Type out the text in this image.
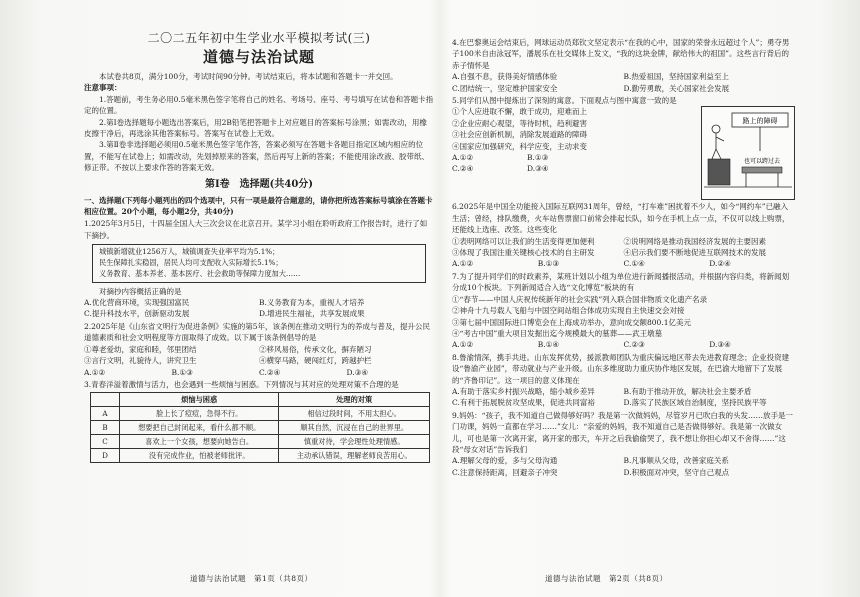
二〇二五年初中生学业水平模拟考试(三)
道德与法治试题

本试卷共8页，满分100分，考试时间90分钟。考试结束后，将本试题和答题卡一并交回。

注意事项：

1.答题前，考生务必用0.5毫米黑色签字笔将自己的姓名、考场号、座号、考号填写在试卷和答题卡指定的位置。

2.第Ⅰ卷选择题每小题选出答案后，用2B铅笔把答题卡上对应题目的答案标号涂黑；如需改动，用橡皮擦干净后，再选涂其他答案标号。答案写在试卷上无效。

3.第Ⅱ卷非选择题必须用0.5毫米黑色签字笔作答，答案必须写在答题卡各题目指定区域内相应的位置，不能写在试卷上；如需改动，先划掉原来的答案，然后再写上新的答案；不能使用涂改液、胶带纸、修正带。不按以上要求作答的答案无效。

第Ⅰ卷　选择题(共40分)

一、选择题(下列每小题列出的四个选项中，只有一项是最符合题意的，请你把所选答案标号填涂在答题卡相应位置。20个小题，每小题2分，共40分)

1.2025年3月5日，十四届全国人大三次会议在北京召开。某学习小组在聆听政府工作报告时，进行了如下摘抄。

城镇新增就业1256万人，城镇调查失业率平均为5.1%；
民生保障扎实稳固，居民人均可支配收入实际增长5.1%；
义务教育、基本养老、基本医疗、社会救助等保障力度加大……

对摘抄内容概括正确的是

A.优化营商环境，实现强国富民	B.义务教育为本，重视人才培养
C.提升科技水平，创新驱动发展	D.增进民生福祉，共享发展成果

2.2025年是《山东省文明行为促进条例》实施的第5年，该条例在推动文明行为的养成与普及，提升公民道德素质和社会文明程度等方面取得了成效。以下属于该条例倡导的是

①尊老爱幼，家庭和睦，邻里团结	②移风易俗，传承文化，摒弃陋习
③言行文明，礼貌待人，讲究卫生	④横穿马路，硬闯红灯，跨越护栏
A.①②	B.①③	C.②④	D.③④

3.青春洋溢着激情与活力，也会遇到一些烦恼与困惑。下列情况与其对应的处理对策不合理的是

	烦恼与困惑	处理的对策
A	脸上长了痘痘，急得不行。	相信过段时间，不用太担心。
B	想要把自己封闭起来，看什么都不顺。	顺其自然，沉浸在自己的世界里。
C	喜欢上一个女孩，想要向她告白。	慎重对待，学会理性处理情感。
D	没有完成作业，怕被老师批评。	主动承认错误，理解老师良苦用心。
道德与法治试题　第1页（共8页）

4.在巴黎奥运会结束后，网球运动员郑钦文坚定表示“在我的心中，国家的荣誉永远超过个人”；勇夺男子100米自由泳冠军，潘展乐在社交媒体上发文，“我的这块金牌，献给伟大的祖国”。这些言行背后的赤子情怀是

A.自强不息，获得美好情感体验	B.热爱祖国，坚持国家利益至上
C.团结统一，坚定维护国家安全	D.勤劳勇敢，关心国家社会发展

5.同学们从图中提炼出了深刻的寓意。下面观点与图中寓意一致的是

①个人应进取不懈，敢于成功，迎难而上
②企业应耐心观望，等待时机，趋利避害
③社会应创新机制，消除发展道路的障碍
④国家应加强研究，科学应变，主动求变
A.①②	B.①③
C.②④	D.③④
路上的障碍
也可以跨过去

6.2025年是中国全功能接入国际互联网31周年，曾经，“打车难”困扰着不少人，如今“网约车”已融入生活；曾经，排队缴费，火车站售票窗口前常会排起长队，如今在手机上点一点，不仅可以线上购票，还能线上选座、改签。这些变化

①表明网络可以让我们的生活变得更加便利	②说明网络是推动我国经济发展的主要因素
③体现了我国注重关键核心技术的自主研发	④启示我们要不断地促进互联网技术的发展
A.①②	B.①③	C.①④	D.②④

7.为了提升同学们的时政素养，某班计划以小组为单位进行新闻播报活动，并根据内容归类，将新闻划分成10个板块。下列新闻适合入选“文化博览”板块的有

①“春节——中国人庆祝传统新年的社会实践”列入联合国非物质文化遗产名录
②神舟十九号载人飞船与中国空间站组合体成功实现自主快速交会对接
③第七届中国国际进口博览会在上海成功举办，意向成交额800.1亿美元
④“考古中国”重大项目发掘出迄今规模最大的墓葬——武王墩墓
A.①②	B.①④	C.②③	D.③④

8.鲁渝情深，携手共进。山东发挥优势，援派教师团队为重庆偏远地区带去先进教育理念；企业投资建设“鲁渝产业园”，带动就业与产业升级。山东多维度助力重庆协作地区发展，在巴渝大地留下了发展的“齐鲁印记”。这一项目的意义体现在

A.有助于落实乡村振兴战略，缩小城乡差异	B.有助于推动开放，解决社会主要矛盾
C.有利于拓展脱贫攻坚成果，促进共同富裕	D.落实了民族区域自治制度，坚持民族平等

9.妈妈：“孩子，我不知道自己做得够好吗？我是第一次做妈妈，尽管岁月已吹白我的头发……放手是一门功课，妈妈一直都在学习……”女儿：“亲爱的妈妈，我不知道自己是否做得够好。我是第一次做女儿，可也是第一次离开家，离开家的那天，车开之后我偷偷哭了，我不想让你担心却又不舍得……”这段“母女对话”告诉我们

A.理解父母的爱，多与父母沟通	B.凡事顺从父母，改善家庭关系
C.注意保持距离，回避亲子冲突	D.积极面对冲突，坚守自己观点
道德与法治试题　第2页（共8页）
